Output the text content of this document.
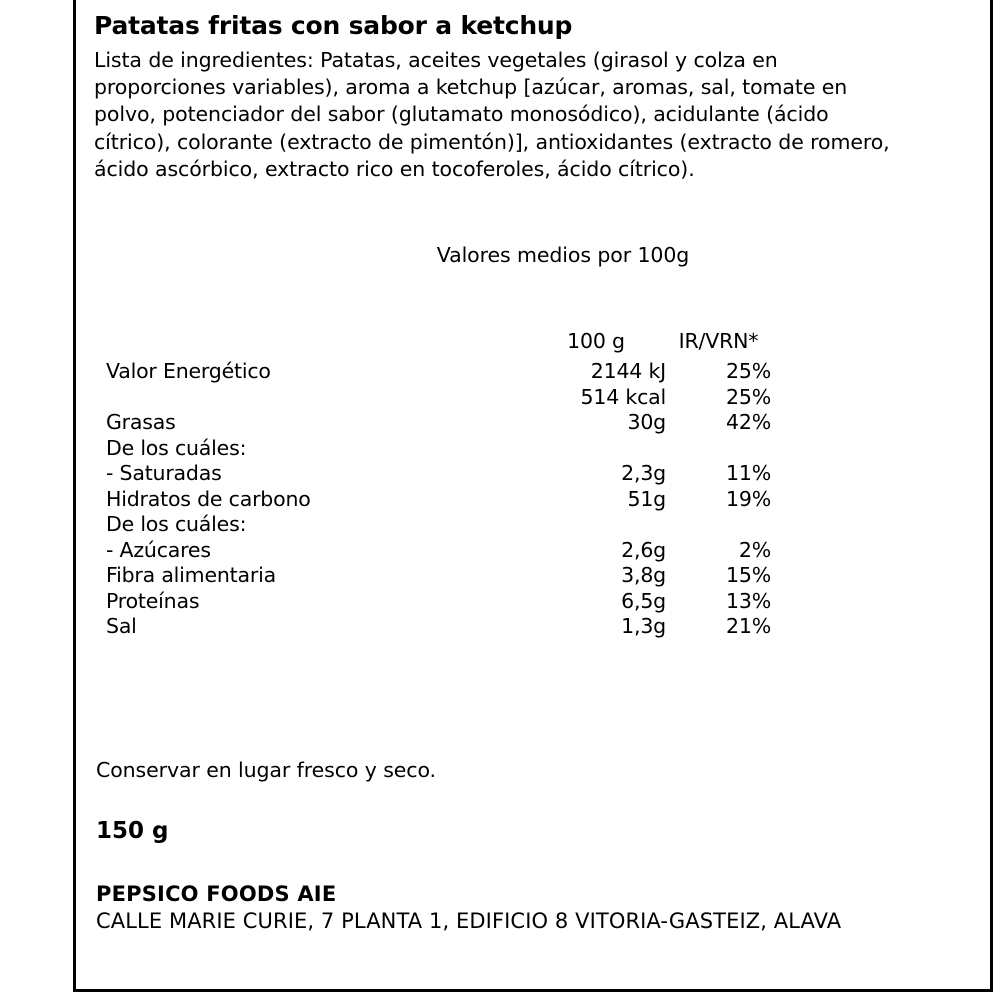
Patatas fritas con sabor a ketchup

Lista de ingredientes: Patatas, aceites vegetales (girasol y colza en proporciones variables), aroma a ketchup [azúcar, aromas, sal, tomate en polvo, potenciador del sabor (glutamato monosódico), acidulante (ácido cítrico), colorante (extracto de pimentón)], antioxidantes (extracto de romero, ácido ascórbico, extracto rico en tocoferoles, ácido cítrico).

Valores medios por 100g
	100 g	IR/VRN*
Valor Energético	2144 kJ	25%
	514 kcal	25%
Grasas	30g	42%
De los cuáles:		
- Saturadas	2,3g	11%
Hidratos de carbono	51g	19%
De los cuáles:		
- Azúcares	2,6g	2%
Fibra alimentaria	3,8g	15%
Proteínas	6,5g	13%
Sal	1,3g	21%
Conservar en lugar fresco y seco.
150 g
PEPSICO FOODS AIE
CALLE MARIE CURIE, 7 PLANTA 1, EDIFICIO 8 VITORIA-GASTEIZ, ALAVA
